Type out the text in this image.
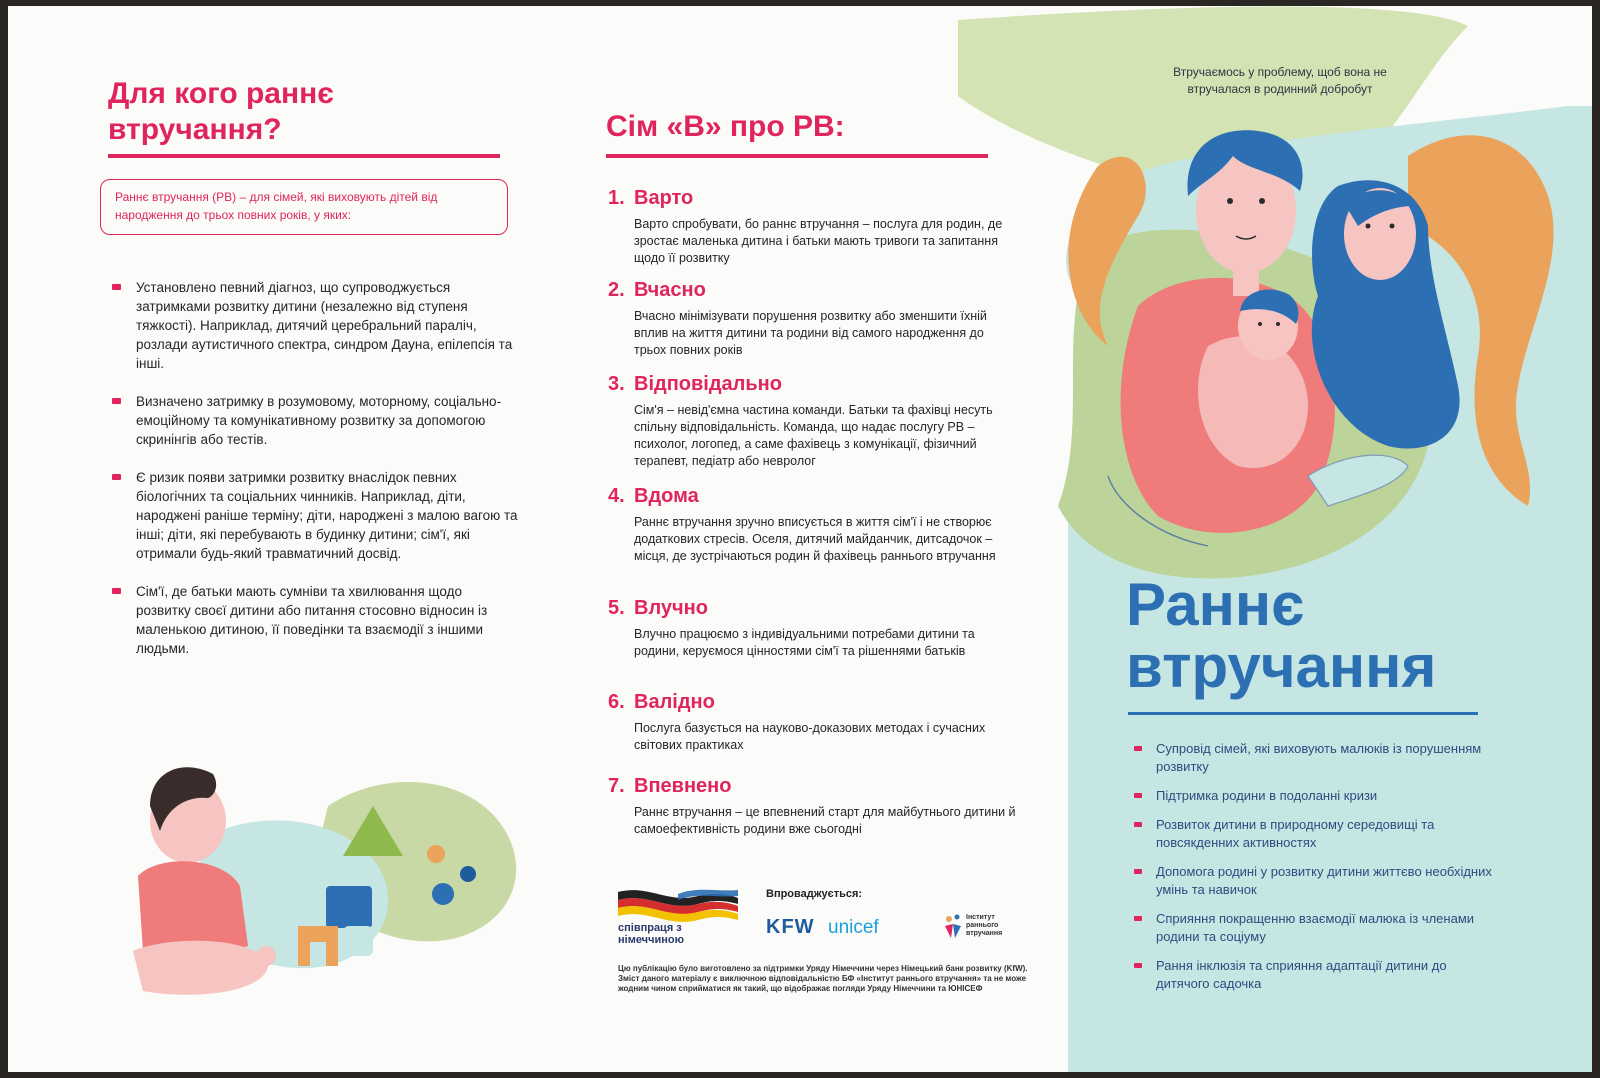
Для кого раннє втручання?
Раннє втручання (РВ) – для сімей, які виховують дітей від народження до трьох повних років, у яких:
Установлено певний діагноз, що супроводжується затримками розвитку дитини (незалежно від ступеня тяжкості). Наприклад, дитячий церебральний параліч, розлади аутистичного спектра, синдром Дауна, епілепсія та інші.
Визначено затримку в розумовому, моторному, соціально-емоційному та комунікативному розвитку за допомогою скринінгів або тестів.
Є ризик появи затримки розвитку внаслідок певних біологічних та соціальних чинників. Наприклад, діти, народжені раніше терміну; діти, народжені з малою вагою та інші; діти, які перебувають в будинку дитини; сім'ї, які отримали будь-який травматичний досвід.
Сім'ї, де батьки мають сумніви та хвилювання щодо розвитку своєї дитини або питання стосовно відносин із маленькою дитиною, її поведінки та взаємодії з іншими людьми.
Сім «В» про РВ:
1. Варто
Варто спробувати, бо раннє втручання – послуга для родин, де зростає маленька дитина і батьки мають тривоги та запитання щодо її розвитку
2. Вчасно
Вчасно мінімізувати порушення розвитку або зменшити їхній вплив на життя дитини та родини від самого народження до трьох повних років
3. Відповідально
Сім'я – невід'ємна частина команди. Батьки та фахівці несуть спільну відповідальність. Команда, що надає послугу РВ – психолог, логопед, а саме фахівець з комунікації, фізичний терапевт, педіатр або невролог
4. Вдома
Раннє втручання зручно вписується в життя сім'ї і не створює додаткових стресів. Оселя, дитячий майданчик, дитсадочок – місця, де зустрічаються родин й фахівець раннього втручання
5. Влучно
Влучно працюємо з індивідуальними потребами дитини та родини, керуємося цінностями сім'ї та рішеннями батьків
6. Валідно
Послуга базується на науково-доказових методах і сучасних світових практиках
7. Впевнено
Раннє втручання – це впевнений старт для майбутнього дитини й самоефективність родини вже сьогодні
співпраця з
німеччиною
Впроваджується:
KFW unicef	Інститут
раннього
втручання
Цю публікацію було виготовлено за підтримки Уряду Німеччини через Німецький банк розвитку (KfW). Зміст даного матеріалу є виключною відповідальністю БФ «Інститут раннього втручання» та не може жодним чином сприйматися як такий, що відображає погляди Уряду Німеччини та ЮНІСЕФ
Втручаємось у проблему, щоб вона не втручалася в родинний добробут
Раннє
втручання
Супровід сімей, які виховують малюків із порушенням розвитку
Підтримка родини в подоланні кризи
Розвиток дитини в природному середовищі та повсякденних активностях
Допомога родині у розвитку дитини життєво необхідних умінь та навичок
Сприяння покращенню взаємодії малюка із членами родини та соціуму
Рання інклюзія та сприяння адаптації дитини до дитячого садочка
